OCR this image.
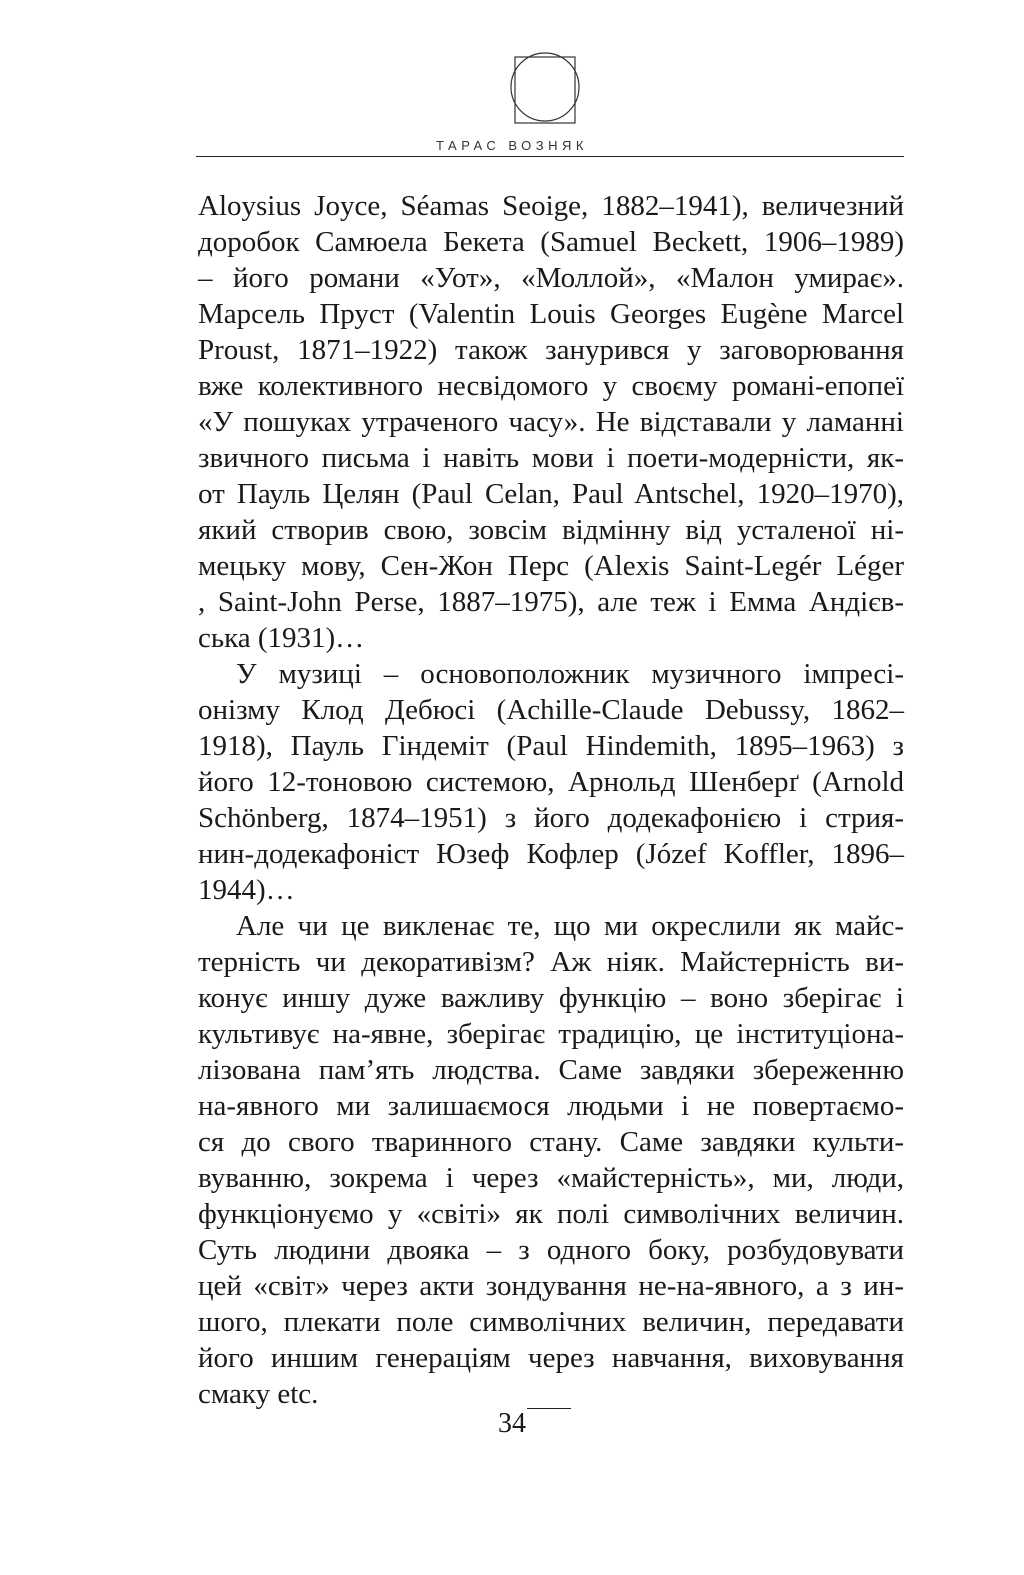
ТАРАС ВОЗНЯК
Aloysius Joyce, Séamas Seoige, 1882–1941), величезний
доробок Самюела Бекета (Samuel Beckett, 1906–1989)
– його романи «Уот», «Моллой», «Малон умирає».
Марсель Пруст (Valentin Louis Georges Eugène Marcel
Proust, 1871–1922) також занурився у заговорювання
вже колективного несвідомого у своєму романі-епопеї
«У пошуках утраченого часу». Не відставали у ламанні
звичного письма і навіть мови і поети-модерністи, як-
от Пауль Целян (Paul Celan, Paul Antschel, 1920–1970),
який створив свою, зовсім відмінну від усталеної ні-
мецьку мову, Сен-Жон Перс (Alexis Saint-Legér Léger
, Saint-John Perse, 1887–1975), але теж і Емма Андієв-
ська (1931)…
У музиці – основоположник музичного імпресі-
онізму Клод Дебюсі (Achille-Claude Debussy, 1862–
1918), Пауль Гіндеміт (Paul Hindemith, 1895–1963) з
його 12-тоновою системою, Арнольд Шенберґ (Arnold
Schönberg, 1874–1951) з його додекафонією і стрия-
нин-додекафоніст Юзеф Кофлер (Józef Koffler, 1896–
1944)…
Але чи це викленає те, що ми окреслили як майс-
терність чи декоративізм? Аж ніяк. Майстерність ви-
конує иншу дуже важливу функцію – воно зберігає і
культивує на-явне, зберігає традицію, це інституціона-
лізована пам’ять людства. Саме завдяки збереженню
на-явного ми залишаємося людьми і не повертаємо-
ся до свого тваринного стану. Саме завдяки культи-
вуванню, зокрема і через «майстерність», ми, люди,
функціонуємо у «світі» як полі символічних величин.
Суть людини двояка – з одного боку, розбудовувати
цей «світ» через акти зондування не-на-явного, а з ин-
шого, плекати поле символічних величин, передавати
його иншим генераціям через навчання, виховування
смаку etc.
34
